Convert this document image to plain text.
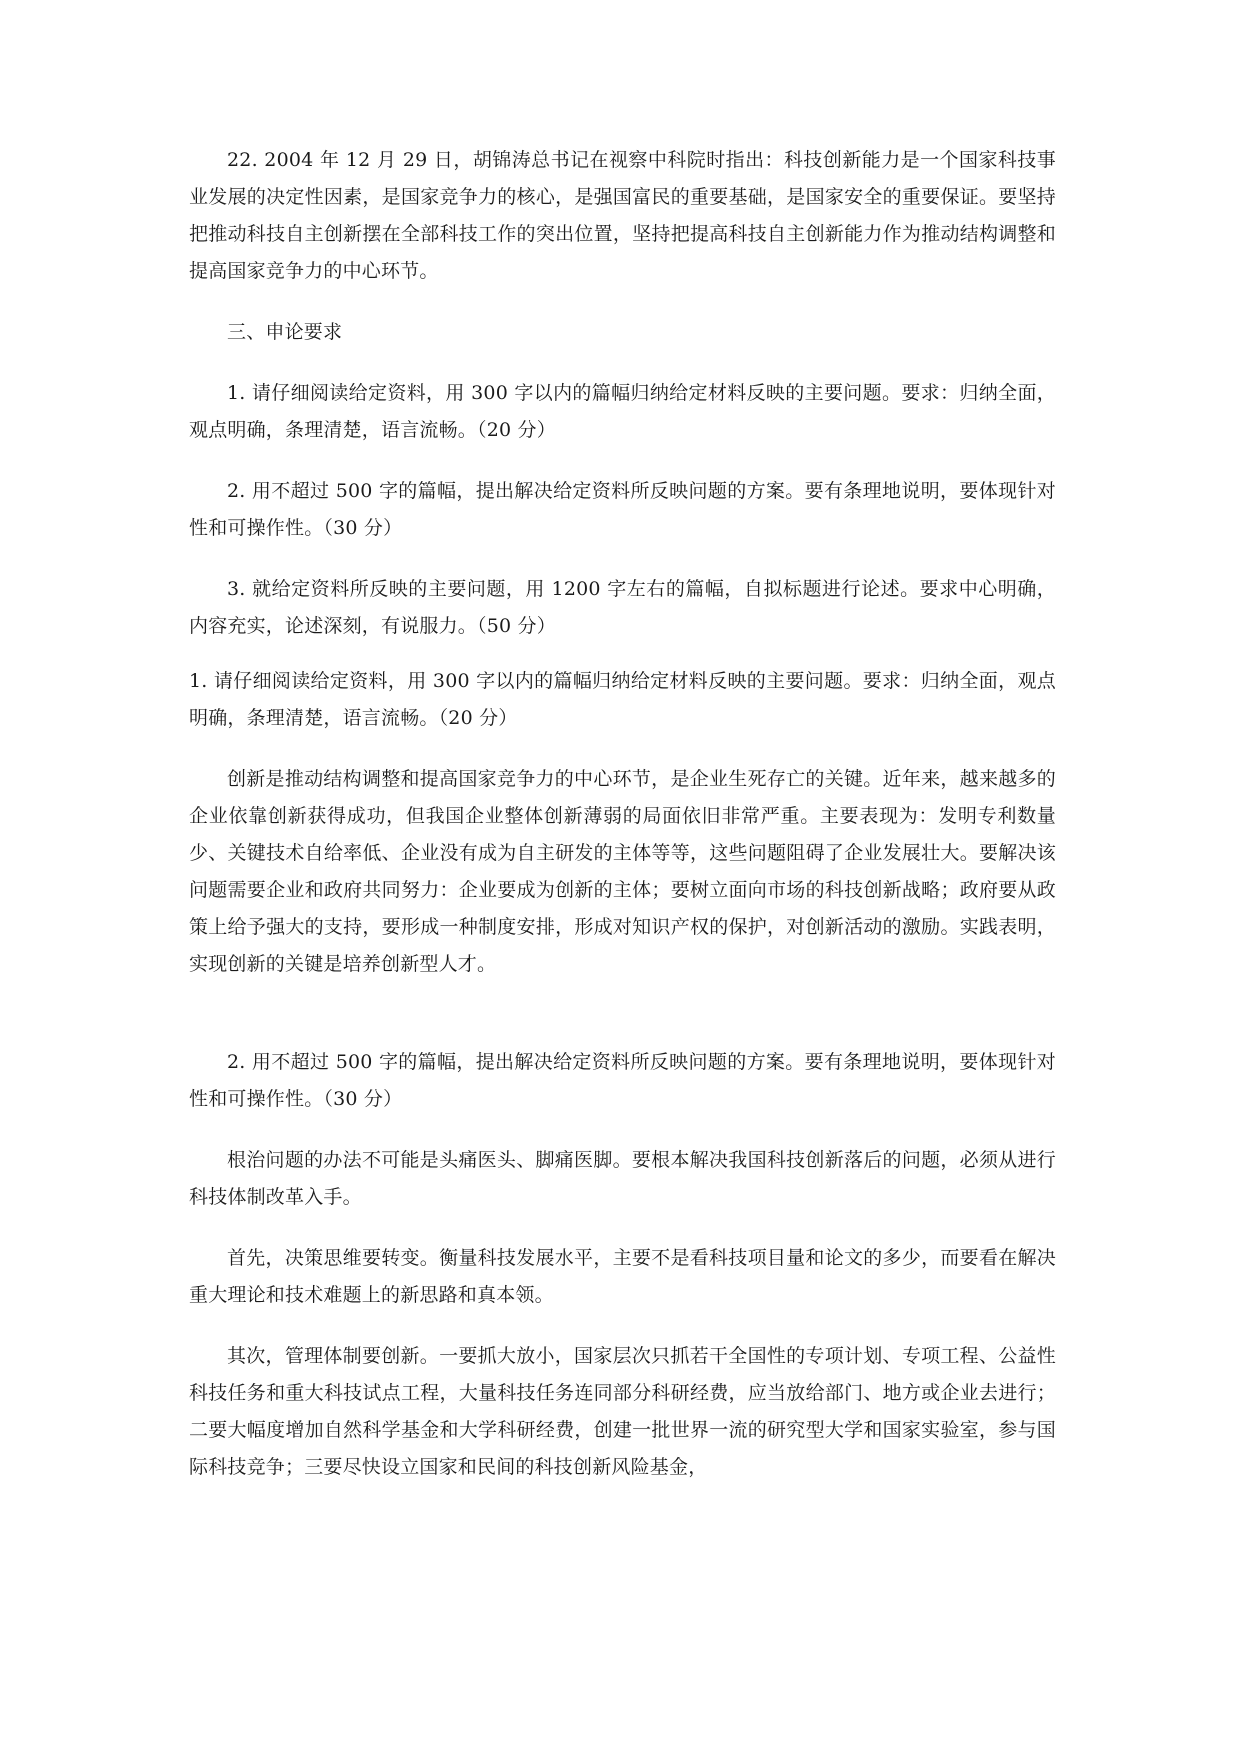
22. 2004 年 12 月 29 日，胡锦涛总书记在视察中科院时指出：科技创新能力是一个国家科技事业发展的决定性因素，是国家竞争力的核心，是强国富民的重要基础，是国家安全的重要保证。要坚持把推动科技自主创新摆在全部科技工作的突出位置，坚持把提高科技自主创新能力作为推动结构调整和提高国家竞争力的中心环节。

三、申论要求

1. 请仔细阅读给定资料，用 300 字以内的篇幅归纳给定材料反映的主要问题。要求：归纳全面，观点明确，条理清楚，语言流畅。（20 分）

2. 用不超过 500 字的篇幅，提出解决给定资料所反映问题的方案。要有条理地说明，要体现针对性和可操作性。（30 分）

3. 就给定资料所反映的主要问题，用 1200 字左右的篇幅，自拟标题进行论述。要求中心明确，内容充实，论述深刻，有说服力。（50 分）

1. 请仔细阅读给定资料，用 300 字以内的篇幅归纳给定材料反映的主要问题。要求：归纳全面，观点明确，条理清楚，语言流畅。（20 分）

创新是推动结构调整和提高国家竞争力的中心环节，是企业生死存亡的关键。近年来，越来越多的企业依靠创新获得成功，但我国企业整体创新薄弱的局面依旧非常严重。主要表现为：发明专利数量少、关键技术自给率低、企业没有成为自主研发的主体等等，这些问题阻碍了企业发展壮大。要解决该问题需要企业和政府共同努力：企业要成为创新的主体；要树立面向市场的科技创新战略；政府要从政策上给予强大的支持，要形成一种制度安排，形成对知识产权的保护，对创新活动的激励。实践表明，实现创新的关键是培养创新型人才。

2. 用不超过 500 字的篇幅，提出解决给定资料所反映问题的方案。要有条理地说明，要体现针对性和可操作性。（30 分）

根治问题的办法不可能是头痛医头、脚痛医脚。要根本解决我国科技创新落后的问题，必须从进行科技体制改革入手。

首先，决策思维要转变。衡量科技发展水平，主要不是看科技项目量和论文的多少，而要看在解决重大理论和技术难题上的新思路和真本领。

其次，管理体制要创新。一要抓大放小，国家层次只抓若干全国性的专项计划、专项工程、公益性科技任务和重大科技试点工程，大量科技任务连同部分科研经费，应当放给部门、地方或企业去进行；二要大幅度增加自然科学基金和大学科研经费，创建一批世界一流的研究型大学和国家实验室，参与国际科技竞争；三要尽快设立国家和民间的科技创新风险基金，
